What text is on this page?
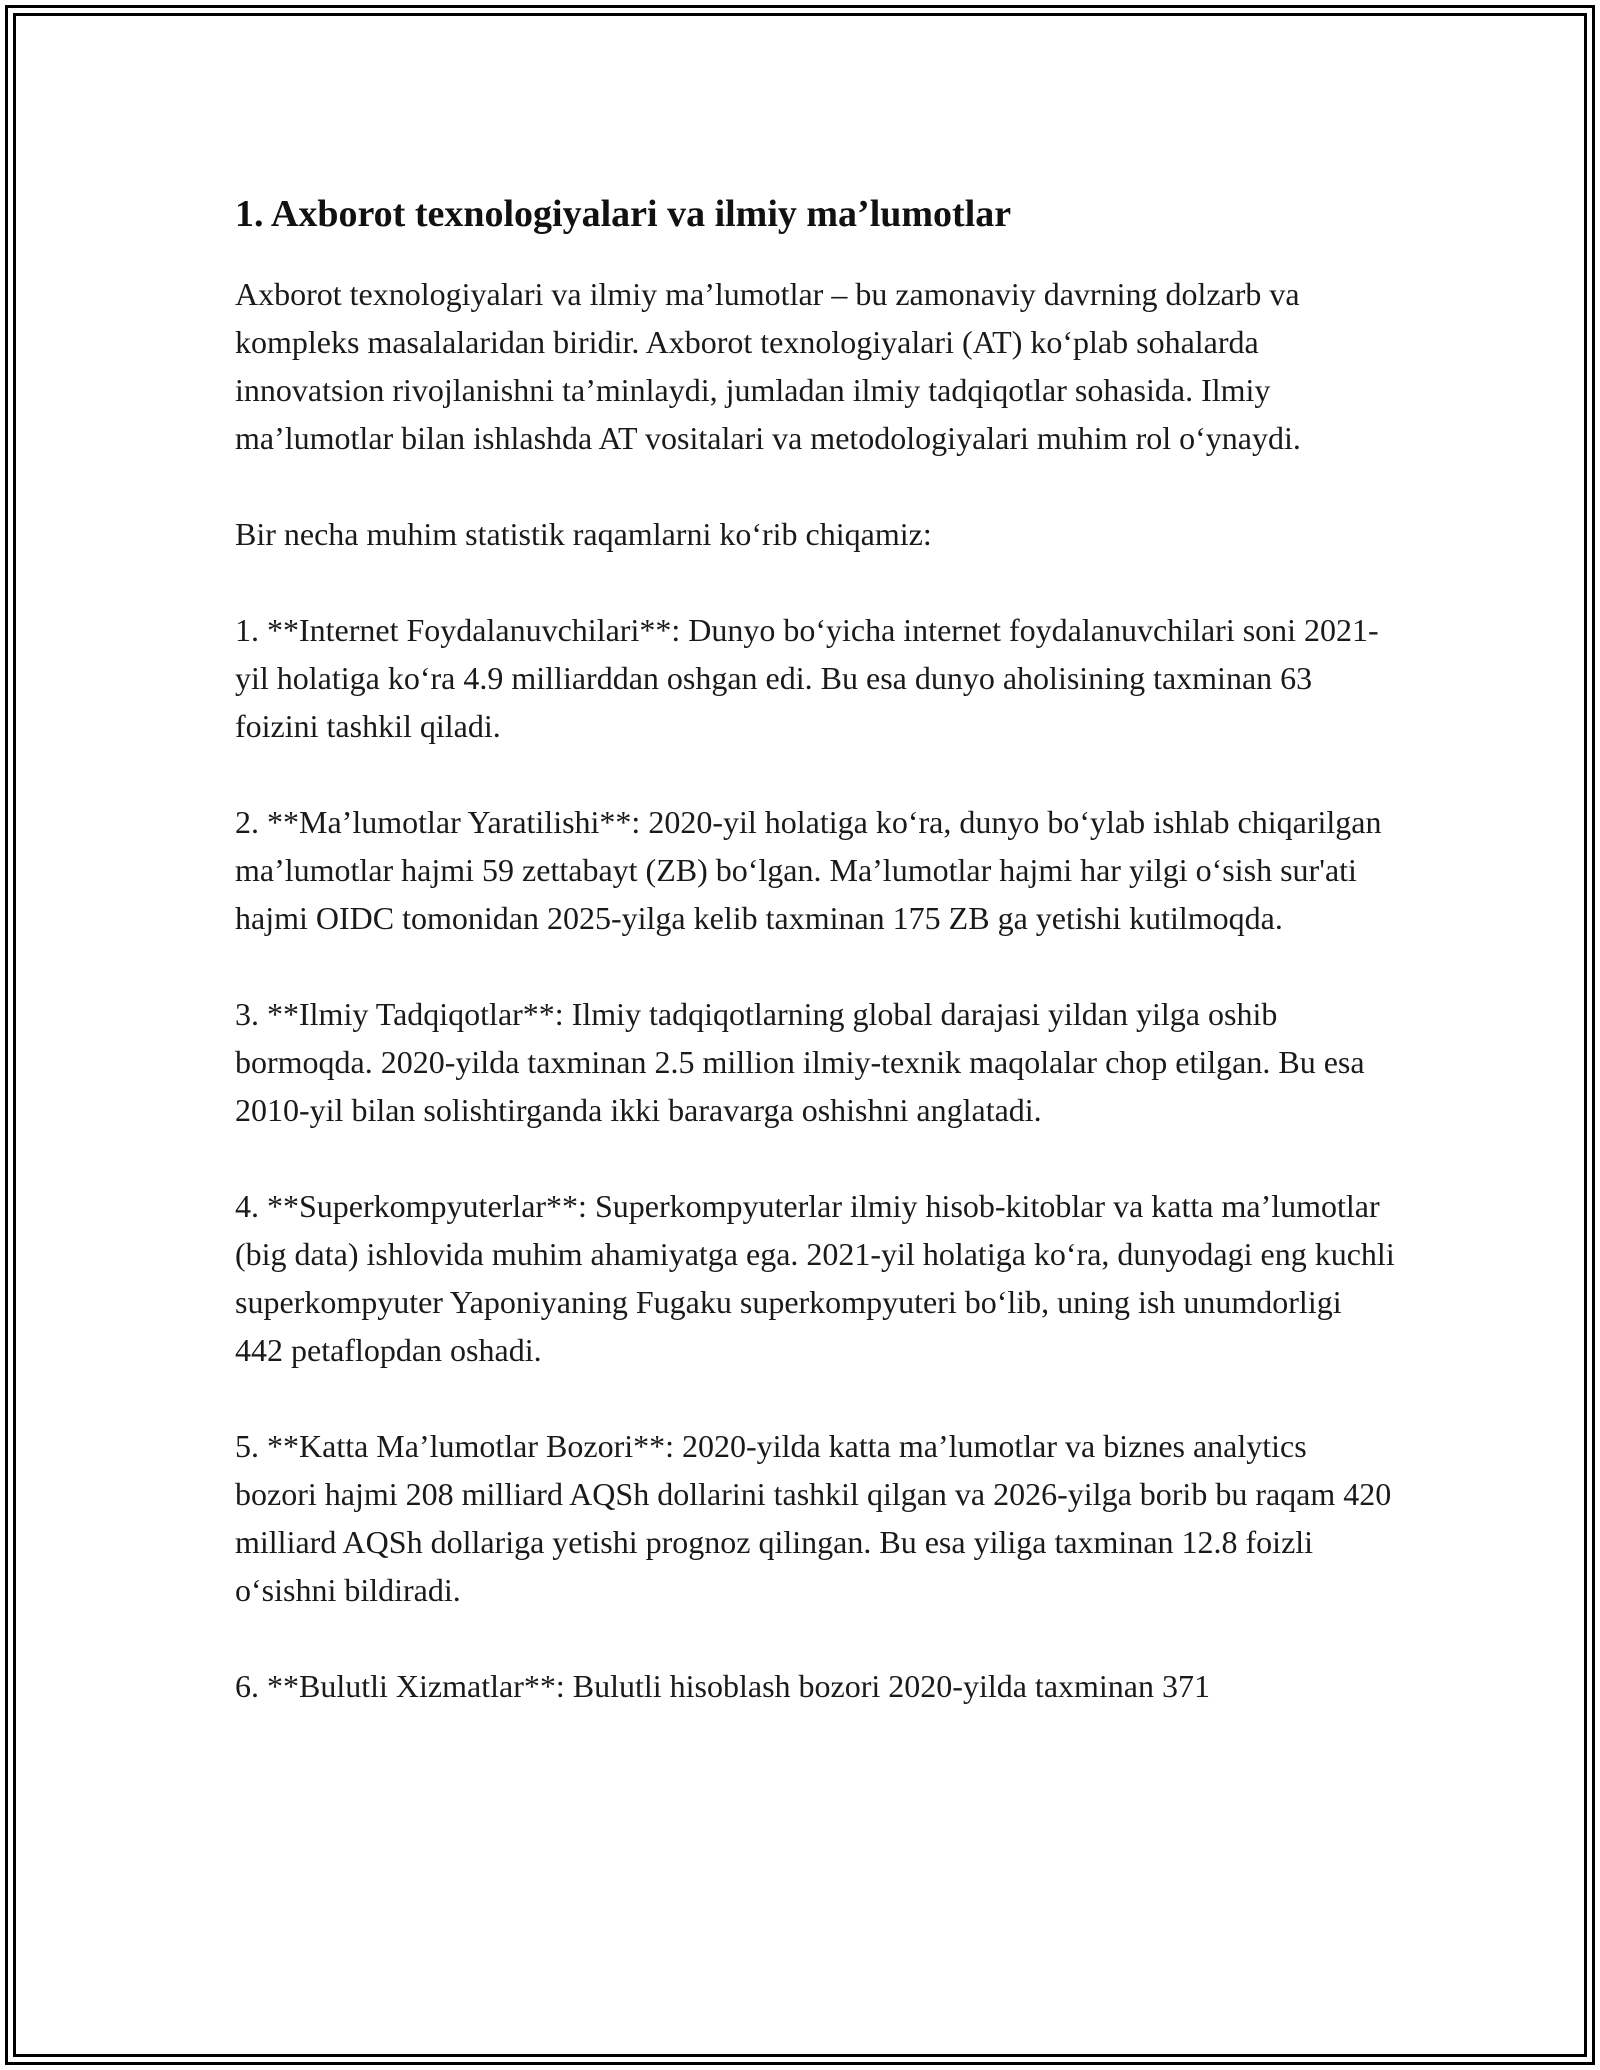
1. Axborot texnologiyalari va ilmiy ma’lumotlar

Axborot texnologiyalari va ilmiy ma’lumotlar – bu zamonaviy davrning dolzarb va kompleks masalalaridan biridir. Axborot texnologiyalari (AT) ko‘plab sohalarda innovatsion rivojlanishni ta’minlaydi, jumladan ilmiy tadqiqotlar sohasida. Ilmiy ma’lumotlar bilan ishlashda AT vositalari va metodologiyalari muhim rol o‘ynaydi.

Bir necha muhim statistik raqamlarni ko‘rib chiqamiz:

1. **Internet Foydalanuvchilari**: Dunyo bo‘yicha internet foydalanuvchilari soni 2021-yil holatiga ko‘ra 4.9 milliarddan oshgan edi. Bu esa dunyo aholisining taxminan 63 foizini tashkil qiladi.

2. **Ma’lumotlar Yaratilishi**: 2020-yil holatiga ko‘ra, dunyo bo‘ylab ishlab chiqarilgan ma’lumotlar hajmi 59 zettabayt (ZB) bo‘lgan. Ma’lumotlar hajmi har yilgi o‘sish sur'ati hajmi OIDC tomonidan 2025-yilga kelib taxminan 175 ZB ga yetishi kutilmoqda.

3. **Ilmiy Tadqiqotlar**: Ilmiy tadqiqotlarning global darajasi yildan yilga oshib bormoqda. 2020-yilda taxminan 2.5 million ilmiy-texnik maqolalar chop etilgan. Bu esa 2010-yil bilan solishtirganda ikki baravarga oshishni anglatadi.

4. **Superkompyuterlar**: Superkompyuterlar ilmiy hisob-kitoblar va katta ma’lumotlar (big data) ishlovida muhim ahamiyatga ega. 2021-yil holatiga ko‘ra, dunyodagi eng kuchli superkompyuter Yaponiyaning Fugaku superkompyuteri bo‘lib, uning ish unumdorligi 442 petaflopdan oshadi.

5. **Katta Ma’lumotlar Bozori**: 2020-yilda katta ma’lumotlar va biznes analytics bozori hajmi 208 milliard AQSh dollarini tashkil qilgan va 2026-yilga borib bu raqam 420 milliard AQSh dollariga yetishi prognoz qilingan. Bu esa yiliga taxminan 12.8 foizli o‘sishni bildiradi.

6. **Bulutli Xizmatlar**: Bulutli hisoblash bozori 2020-yilda taxminan 371
